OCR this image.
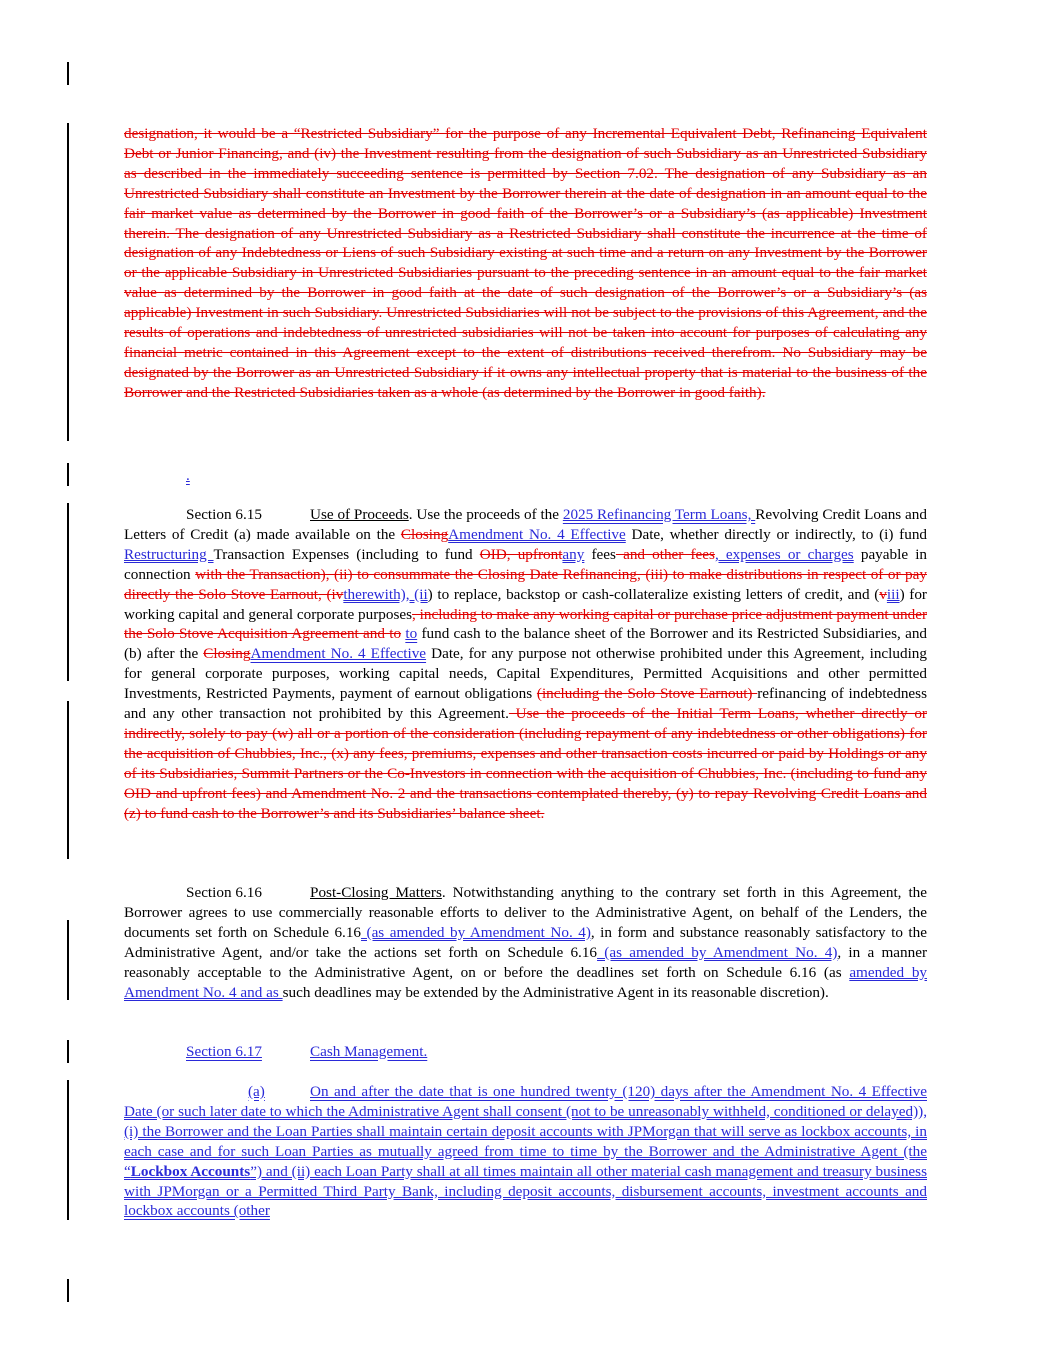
designation, it would be a “Restricted Subsidiary” for the purpose of any Incremental Equivalent Debt, Refinancing Equivalent Debt or Junior Financing, and (iv) the Investment resulting from the designation of such Subsidiary as an Unrestricted Subsidiary as described in the immediately succeeding sentence is permitted by Section 7.02. The designation of any Subsidiary as an Unrestricted Subsidiary shall constitute an Investment by the Borrower therein at the date of designation in an amount equal to the fair market value as determined by the Borrower in good faith of the Borrower’s or a Subsidiary’s (as applicable) Investment therein. The designation of any Unrestricted Subsidiary as a Restricted Subsidiary shall constitute the incurrence at the time of designation of any Indebtedness or Liens of such Subsidiary existing at such time and a return on any Investment by the Borrower or the applicable Subsidiary in Unrestricted Subsidiaries pursuant to the preceding sentence in an amount equal to the fair market value as determined by the Borrower in good faith at the date of such designation of the Borrower’s or a Subsidiary’s (as applicable) Investment in such Subsidiary. Unrestricted Subsidiaries will not be subject to the provisions of this Agreement, and the results of operations and indebtedness of unrestricted subsidiaries will not be taken into account for purposes of calculating any financial metric contained in this Agreement except to the extent of distributions received therefrom. No Subsidiary may be designated by the Borrower as an Unrestricted Subsidiary if it owns any intellectual property that is material to the business of the Borrower and the Restricted Subsidiaries taken as a whole (as determined by the Borrower in good faith).

.

Section 6.15	Use of Proceeds. Use the proceeds of the 2025 Refinancing Term Loans, Revolving Credit Loans and Letters of Credit (a) made available on the ClosingAmendment No. 4 Effective Date, whether directly or indirectly, to (i) fund Restructuring Transaction Expenses (including to fund OID, upfrontany fees and other fees, expenses or charges payable in connection with the Transaction), (ii) to consummate the Closing Date Refinancing, (iii) to make distributions in respect of or pay directly the Solo Stove Earnout, (ivtherewith), (ii) to replace, backstop or cash-collateralize existing letters of credit, and (viii) for working capital and general corporate purposes, including to make any working capital or purchase price adjustment payment under the Solo Stove Acquisition Agreement and to to fund cash to the balance sheet of the Borrower and its Restricted Subsidiaries, and (b) after the ClosingAmendment No. 4 Effective Date, for any purpose not otherwise prohibited under this Agreement, including for general corporate purposes, working capital needs, Capital Expenditures, Permitted Acquisitions and other permitted Investments, Restricted Payments, payment of earnout obligations (including the Solo Stove Earnout) refinancing of indebtedness and any other transaction not prohibited by this Agreement. Use the proceeds of the Initial Term Loans, whether directly or indirectly, solely to pay (w) all or a portion of the consideration (including repayment of any indebtedness or other obligations) for the acquisition of Chubbies, Inc., (x) any fees, premiums, expenses and other transaction costs incurred or paid by Holdings or any of its Subsidiaries, Summit Partners or the Co-Investors in connection with the acquisition of Chubbies, Inc. (including to fund any OID and upfront fees) and Amendment No. 2 and the transactions contemplated thereby, (y) to repay Revolving Credit Loans and (z) to fund cash to the Borrower’s and its Subsidiaries’ balance sheet.

Section 6.16	Post-Closing Matters. Notwithstanding anything to the contrary set forth in this Agreement, the Borrower agrees to use commercially reasonable efforts to deliver to the Administrative Agent, on behalf of the Lenders, the documents set forth on Schedule 6.16 (as amended by Amendment No. 4), in form and substance reasonably satisfactory to the Administrative Agent, and/or take the actions set forth on Schedule 6.16 (as amended by Amendment No. 4), in a manner reasonably acceptable to the Administrative Agent, on or before the deadlines set forth on Schedule 6.16 (as amended by Amendment No. 4 and as such deadlines may be extended by the Administrative Agent in its reasonable discretion).

Section 6.17	Cash Management.

(a)	On and after the date that is one hundred twenty (120) days after the Amendment No. 4 Effective Date (or such later date to which the Administrative Agent shall consent (not to be unreasonably withheld, conditioned or delayed)), (i) the Borrower and the Loan Parties shall maintain certain deposit accounts with JPMorgan that will serve as lockbox accounts, in each case and for such Loan Parties as mutually agreed from time to time by the Borrower and the Administrative Agent (the “Lockbox Accounts”) and (ii) each Loan Party shall at all times maintain all other material cash management and treasury business with JPMorgan or a Permitted Third Party Bank, including deposit accounts, disbursement accounts, investment accounts and lockbox accounts (other
